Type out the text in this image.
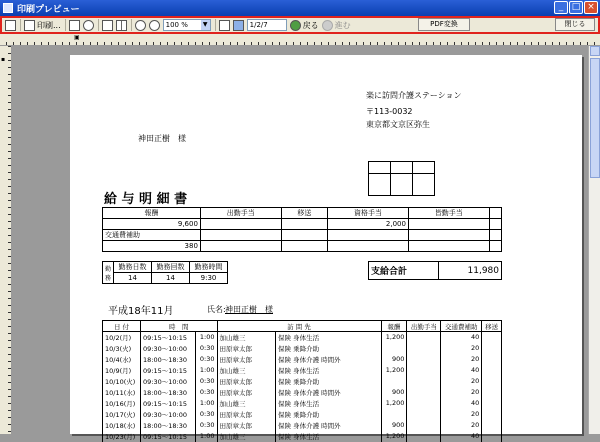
印刷プレビュー	_ □ ×
印刷...	100 %	▼	1/2/7	戻る 進む	PDF変換	閉じる
▣
▪
楽に訪問介護ステーション
〒113-0032
東京都文京区弥生
神田正樹　様

給 与 明 細 書
報酬	出勤手当	移送	資格手当	皆勤手当	
9,600			2,000		
交通費補助					
380					
勤務	勤務日数	勤務回数	勤務時間
	14	14	9:30
支給合計	11,980
平成18年11月	氏名: 神田正樹　様
日 付	時　間		訪 問 先		報酬	出勤手当	交通費補助	移送
10/2(月)	09:15〜10:15	1:00	加山雄三	保険 身体生活	1,200		40	
10/3(火)	09:30〜10:00	0:30	田原章太郎	保険 乗降介助			20	
10/4(水)	18:00〜18:30	0:30	田原章太郎	保険 身体介護 時間外	900		20	
10/9(月)	09:15〜10:15	1:00	加山雄三	保険 身体生活	1,200		40	
10/10(火)	09:30〜10:00	0:30	田原章太郎	保険 乗降介助			20	
10/11(水)	18:00〜18:30	0:30	田原章太郎	保険 身体介護 時間外	900		20	
10/16(月)	09:15〜10:15	1:00	加山雄三	保険 身体生活	1,200		40	
10/17(火)	09:30〜10:00	0:30	田原章太郎	保険 乗降介助			20	
10/18(水)	18:00〜18:30	0:30	田原章太郎	保険 身体介護 時間外	900		20	
10/23(月)	09:15〜10:15	1:00	加山雄三	保険 身体生活	1,200		40	
